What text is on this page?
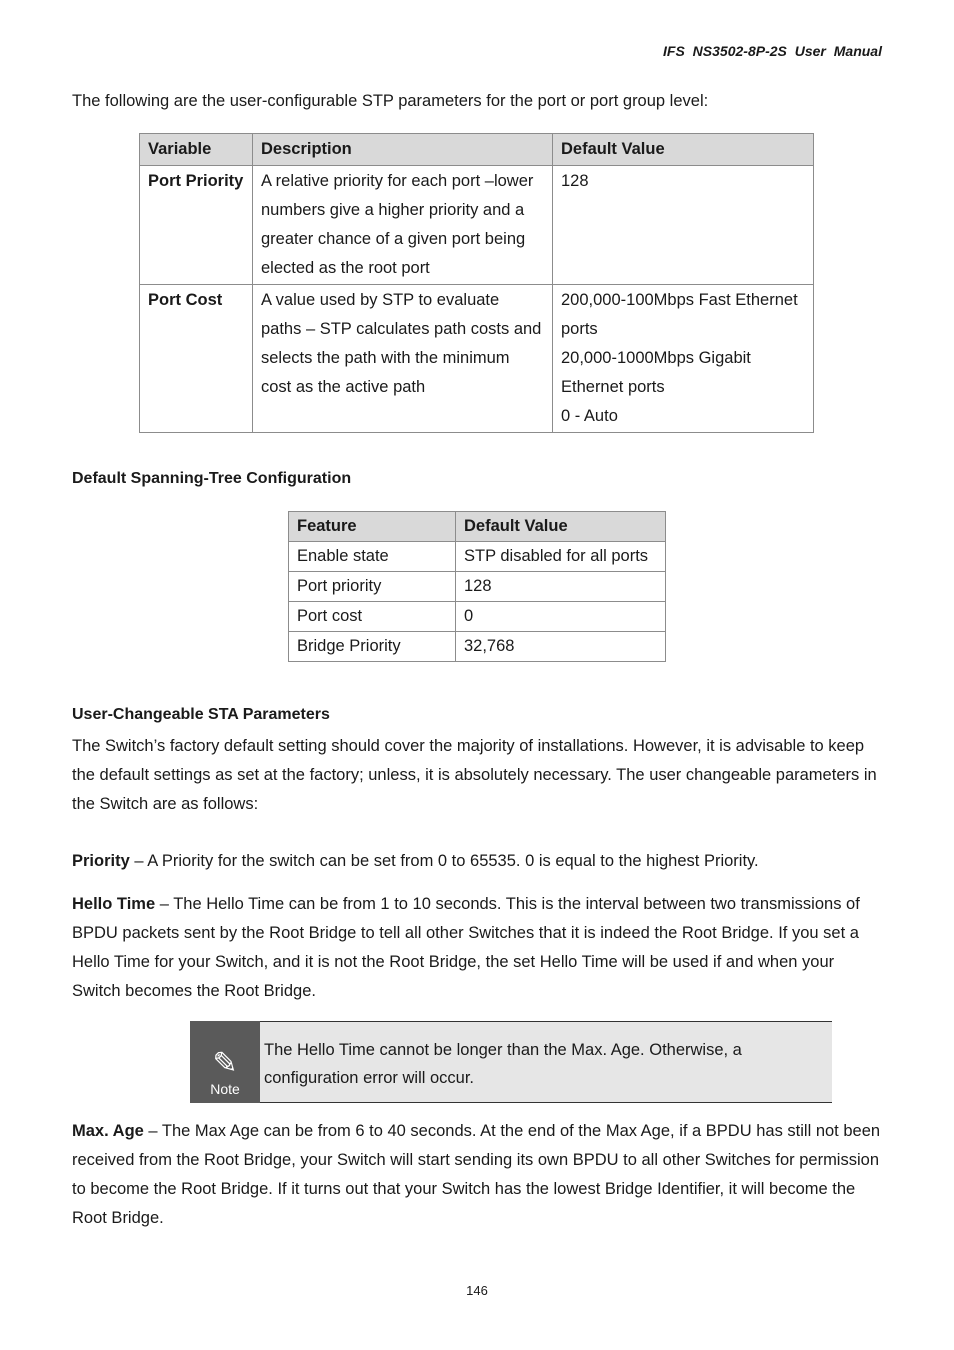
IFS NS3502-8P-2S User Manual
The following are the user-configurable STP parameters for the port or port group level:
Variable	Description	Default Value
Port Priority	A relative priority for each port –lower numbers give a higher priority and a greater chance of a given port being elected as the root port	128

Port Cost	A value used by STP to evaluate paths – STP calculates path costs and selects the path with the minimum cost as the active path	200,000-100Mbps Fast Ethernet ports
20,000-1000Mbps Gigabit Ethernet ports
0 - Auto
Default Spanning-Tree Configuration
Feature	Default Value
Enable state	STP disabled for all ports
Port priority	128
Port cost	0
Bridge Priority	32,768
User-Changeable STA Parameters

The Switch’s factory default setting should cover the majority of installations. However, it is advisable to keep the default settings as set at the factory; unless, it is absolutely necessary. The user changeable parameters in the Switch are as follows:

Priority – A Priority for the switch can be set from 0 to 65535. 0 is equal to the highest Priority.

Hello Time – The Hello Time can be from 1 to 10 seconds. This is the interval between two transmissions of BPDU packets sent by the Root Bridge to tell all other Switches that it is indeed the Root Bridge. If you set a Hello Time for your Switch, and it is not the Root Bridge, the set Hello Time will be used if and when your Switch becomes the Root Bridge.

✎
Note
The Hello Time cannot be longer than the Max. Age. Otherwise, a configuration error will occur.

Max. Age – The Max Age can be from 6 to 40 seconds. At the end of the Max Age, if a BPDU has still not been received from the Root Bridge, your Switch will start sending its own BPDU to all other Switches for permission to become the Root Bridge. If it turns out that your Switch has the lowest Bridge Identifier, it will become the Root Bridge.

146
